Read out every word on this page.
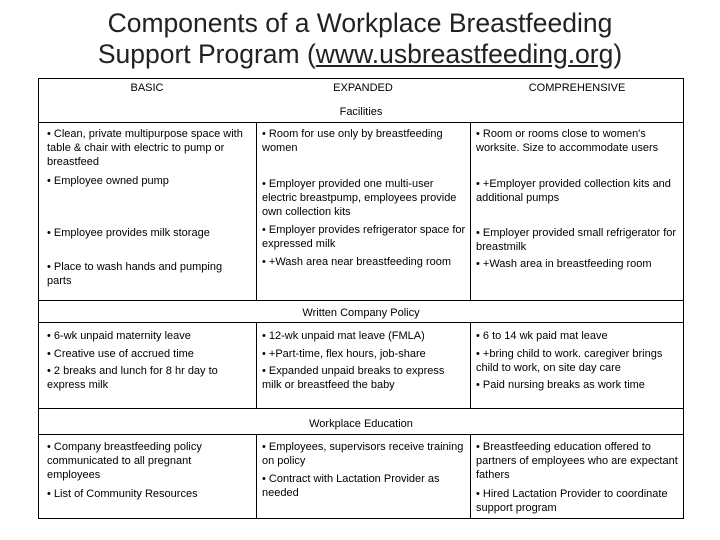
Components of a Workplace Breastfeeding
Support Program (www.usbreastfeeding.org)
BASIC	EXPANDED	COMPREHENSIVE
Facilities
Written Company Policy
Workplace Education
• Clean, private multipurpose space with table & chair with electric to pump or breastfeed
• Employee owned pump
• Employee provides milk storage
• Place to wash hands and pumping parts
• Room for use only by breastfeeding women
• Employer provided one multi-user electric breastpump, employees provide own collection kits
• Employer provides refrigerator space for expressed milk
• +Wash area near breastfeeding room
• Room or rooms close to women's worksite. Size to accommodate users
• +Employer provided collection kits and additional pumps
• Employer provided small refrigerator for breastmilk
• +Wash area in breastfeeding room
• 6-wk unpaid maternity leave
• Creative use of accrued time
• 2 breaks and lunch for 8 hr day to express milk
• 12-wk unpaid mat leave (FMLA)
• +Part-time, flex hours, job-share
• Expanded unpaid breaks to express milk or breastfeed the baby
• 6 to 14 wk paid mat leave
• +bring child to work. caregiver brings child to work, on site day care
• Paid nursing breaks as work time
• Company breastfeeding policy communicated to all pregnant employees
• List of Community Resources
• Employees, supervisors receive training on policy
• Contract with Lactation Provider as needed
• Breastfeeding education offered to partners of employees who are expectant fathers
• Hired Lactation Provider to coordinate support program
